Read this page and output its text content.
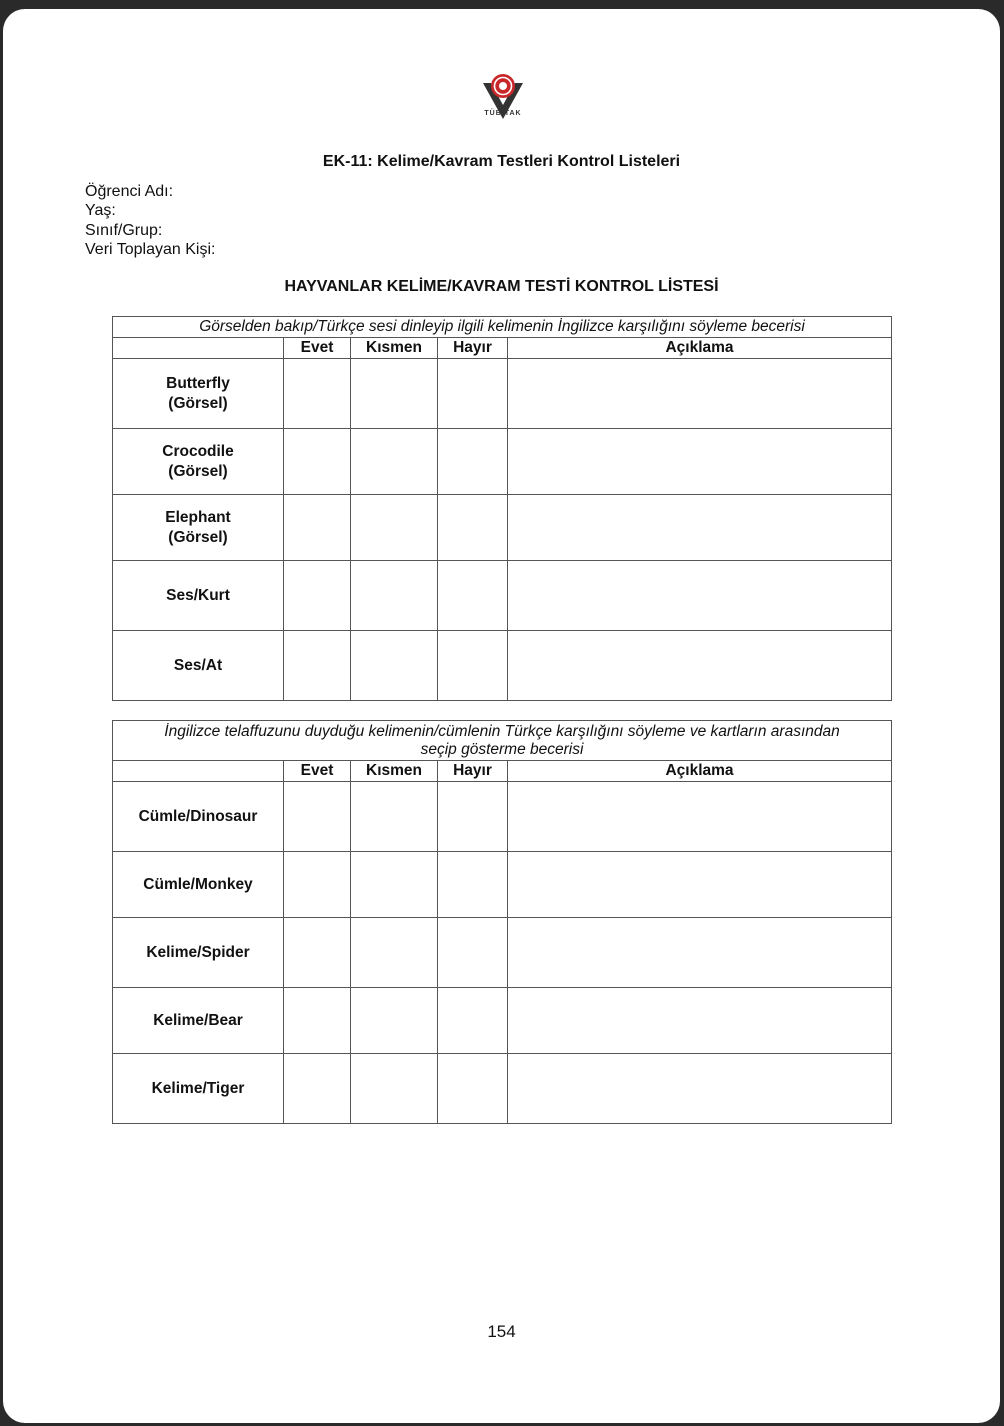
TÜBİTAK
EK-11: Kelime/Kavram Testleri Kontrol Listeleri
Öğrenci Adı:
Yaş:
Sınıf/Grup:
Veri Toplayan Kişi:
HAYVANLAR KELİME/KAVRAM TESTİ KONTROL LİSTESİ
Görselden bakıp/Türkçe sesi dinleyip ilgili kelimenin İngilizce karşılığını söyleme becerisi				
	Evet	Kısmen	Hayır	Açıklama

Butterfly
(Görsel)				

Crocodile
(Görsel)				

Elephant
(Görsel)				

Ses/Kurt				

Ses/At				

İngilizce telaffuzunu duyduğu kelimenin/cümlenin Türkçe karşılığını söyleme ve kartların arasından
seçip gösterme becerisi				

	Evet	Kısmen	Hayır	Açıklama
Cümle/Dinosaur				
Cümle/Monkey				
Kelime/Spider				
Kelime/Bear				
Kelime/Tiger				
154
